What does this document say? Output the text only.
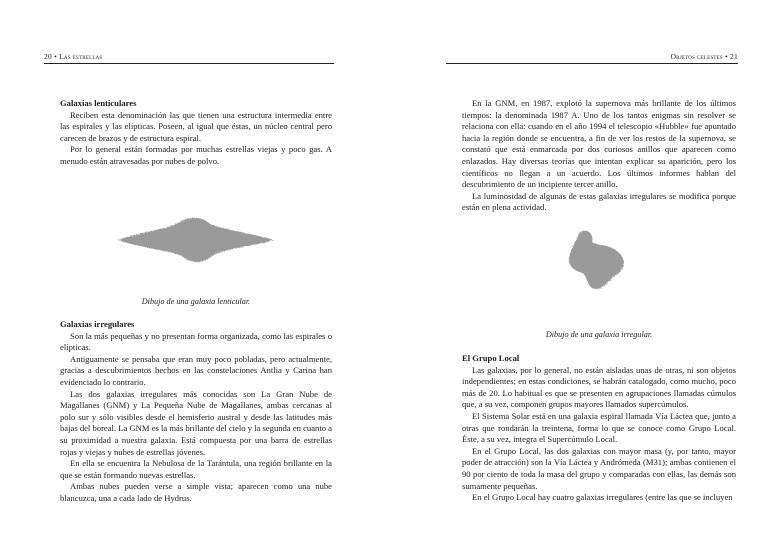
20 • Las estrellas
Galaxias lenticulares

Reciben esta denominación las que tienen una estructura intermedia entre las espirales y las elípticas. Poseen, al igual que éstas, un núcleo central pero carecen de brazos y de estructura espiral.

Por lo general están formadas por muchas estrellas viejas y poco gas. A menudo están atravesadas por nubes de polvo.

Dibujo de una galaxia lenticular.
Galaxias irregulares

Son la más pequeñas y no presentan forma organizada, como las espirales o elípticas.

Antiguamente se pensaba que eran muy poco pobladas, pero actualmente, gracias a descubrimientos hechos en las constelaciones Antlia y Carina han evidenciado lo contrario.

Las dos galaxias irregulares más conocidas son La Gran Nube de Magallanes (GNM) y La Pequeña Nube de Magallanes, ambas cercanas al polo sur y sólo visibles desde el hemisferio austral y desde las latitudes más bajas del boreal. La GNM es la más brillante del cielo y la segunda en cuanto a su proximidad a nuestra galaxia. Está compuesta por una barra de estrellas rojas y viejas y nubes de estrellas jóvenes.

En ella se encuentra la Nebulosa de la Tarántula, una región brillante en la que se están formando nuevas estrellas.

Ambas nubes pueden verse a simple vista; aparecen como una nube blancuzca, una a cada lado de Hydrus.

Objetos celestes • 21

En la GNM, en 1987, explotó la supernova más brillante de los últimos tiempos: la denominada 1987 A. Uno de los tantos enigmas sin resolver se relaciona con ella: cuando en el año 1994 el telescopio «Hubble» fue apuntado hacia la región donde se encuentra, a fin de ver los restos de la supernova, se constató que está enmarcada por dos curiosos anillos que aparecen como enlazados. Hay diversas teorías que intentan explicar su aparición, pero los científicos no llegan a un acuerdo. Los últimos informes hablan del descubrimiento de un incipiente tercer anillo.

La luminosidad de algunas de estas galaxias irregulares se modifica porque están en plena actividad.

Dibujo de una galaxia irregular.
El Grupo Local

Las galaxias, por lo general, no están aisladas unas de otras, ni son objetos independientes; en estas condiciones, se habrán catalogado, como mucho, poco más de 20. Lo habitual es que se presenten en agrupaciones llamadas cúmulos que, a su vez, componen grupos mayores llamados supercúmulos.

El Sistema Solar está en una galaxia espiral llamada Vía Láctea que, junto a otras que rondarán la treintena, forma lo que se conoce como Grupo Local. Éste, a su vez, integra el Supercúmulo Local.

En el Grupo Local, las dos galaxias con mayor masa (y, por tanto, mayor poder de atracción) son la Vía Láctea y Andrómeda (M31); ambas contienen el 90 por ciento de toda la masa del grupo y comparadas con ellas, las demás son sumamente pequeñas.

En el Grupo Local hay cuatro galaxias irregulares (entre las que se incluyen
